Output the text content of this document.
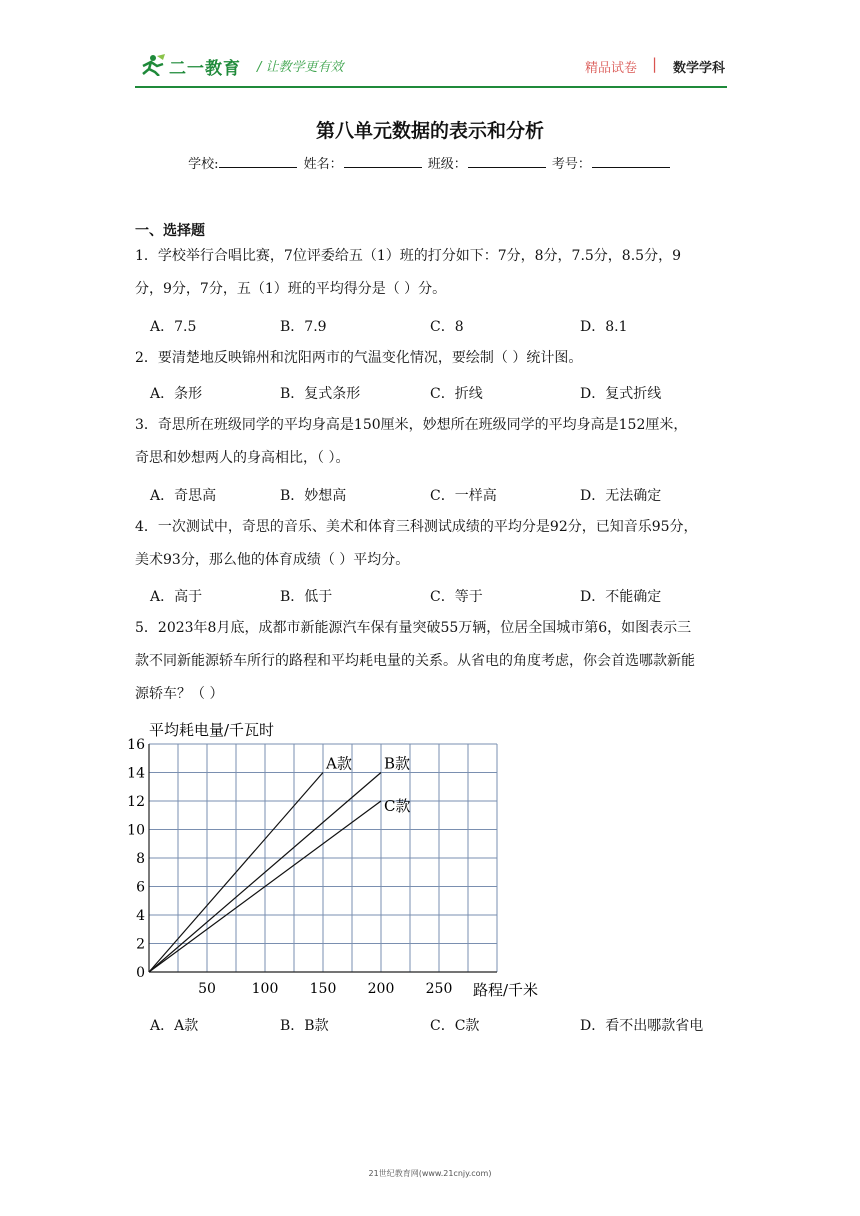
二一教育 / 让教学更有效	精品试卷 | 数学学科
第八单元数据的表示和分析
学校:	姓名：	班级：	考号：
一、选择题
1．学校举行合唱比赛，7位评委给五（1）班的打分如下：7分，8分，7.5分，8.5分，9
分，9分，7分，五（1）班的平均得分是（ ）分。
A．7.5	B．7.9	C．8	D．8.1
2．要清楚地反映锦州和沈阳两市的气温变化情况，要绘制（ ）统计图。
A．条形	B．复式条形	C．折线	D．复式折线
3．奇思所在班级同学的平均身高是150厘米，妙想所在班级同学的平均身高是152厘米，
奇思和妙想两人的身高相比，（ ）。
A．奇思高	B．妙想高	C．一样高	D．无法确定
4．一次测试中，奇思的音乐、美术和体育三科测试成绩的平均分是92分，已知音乐95分，
美术93分，那么他的体育成绩（ ）平均分。
A．高于	B．低于	C．等于	D．不能确定
5．2023年8月底，成都市新能源汽车保有量突破55万辆，位居全国城市第6，如图表示三
款不同新能源轿车所行的路程和平均耗电量的关系。从省电的角度考虑，你会首选哪款新能
源轿车？（ ）
0
2
4
6
8
10
12
14
16
50	100 150 200 250
平均耗电量/千瓦时
路程/千米
A款 B款
C款
A．A款	B．B款	C．C款	D．看不出哪款省电
21世纪教育网(www.21cnjy.com)
